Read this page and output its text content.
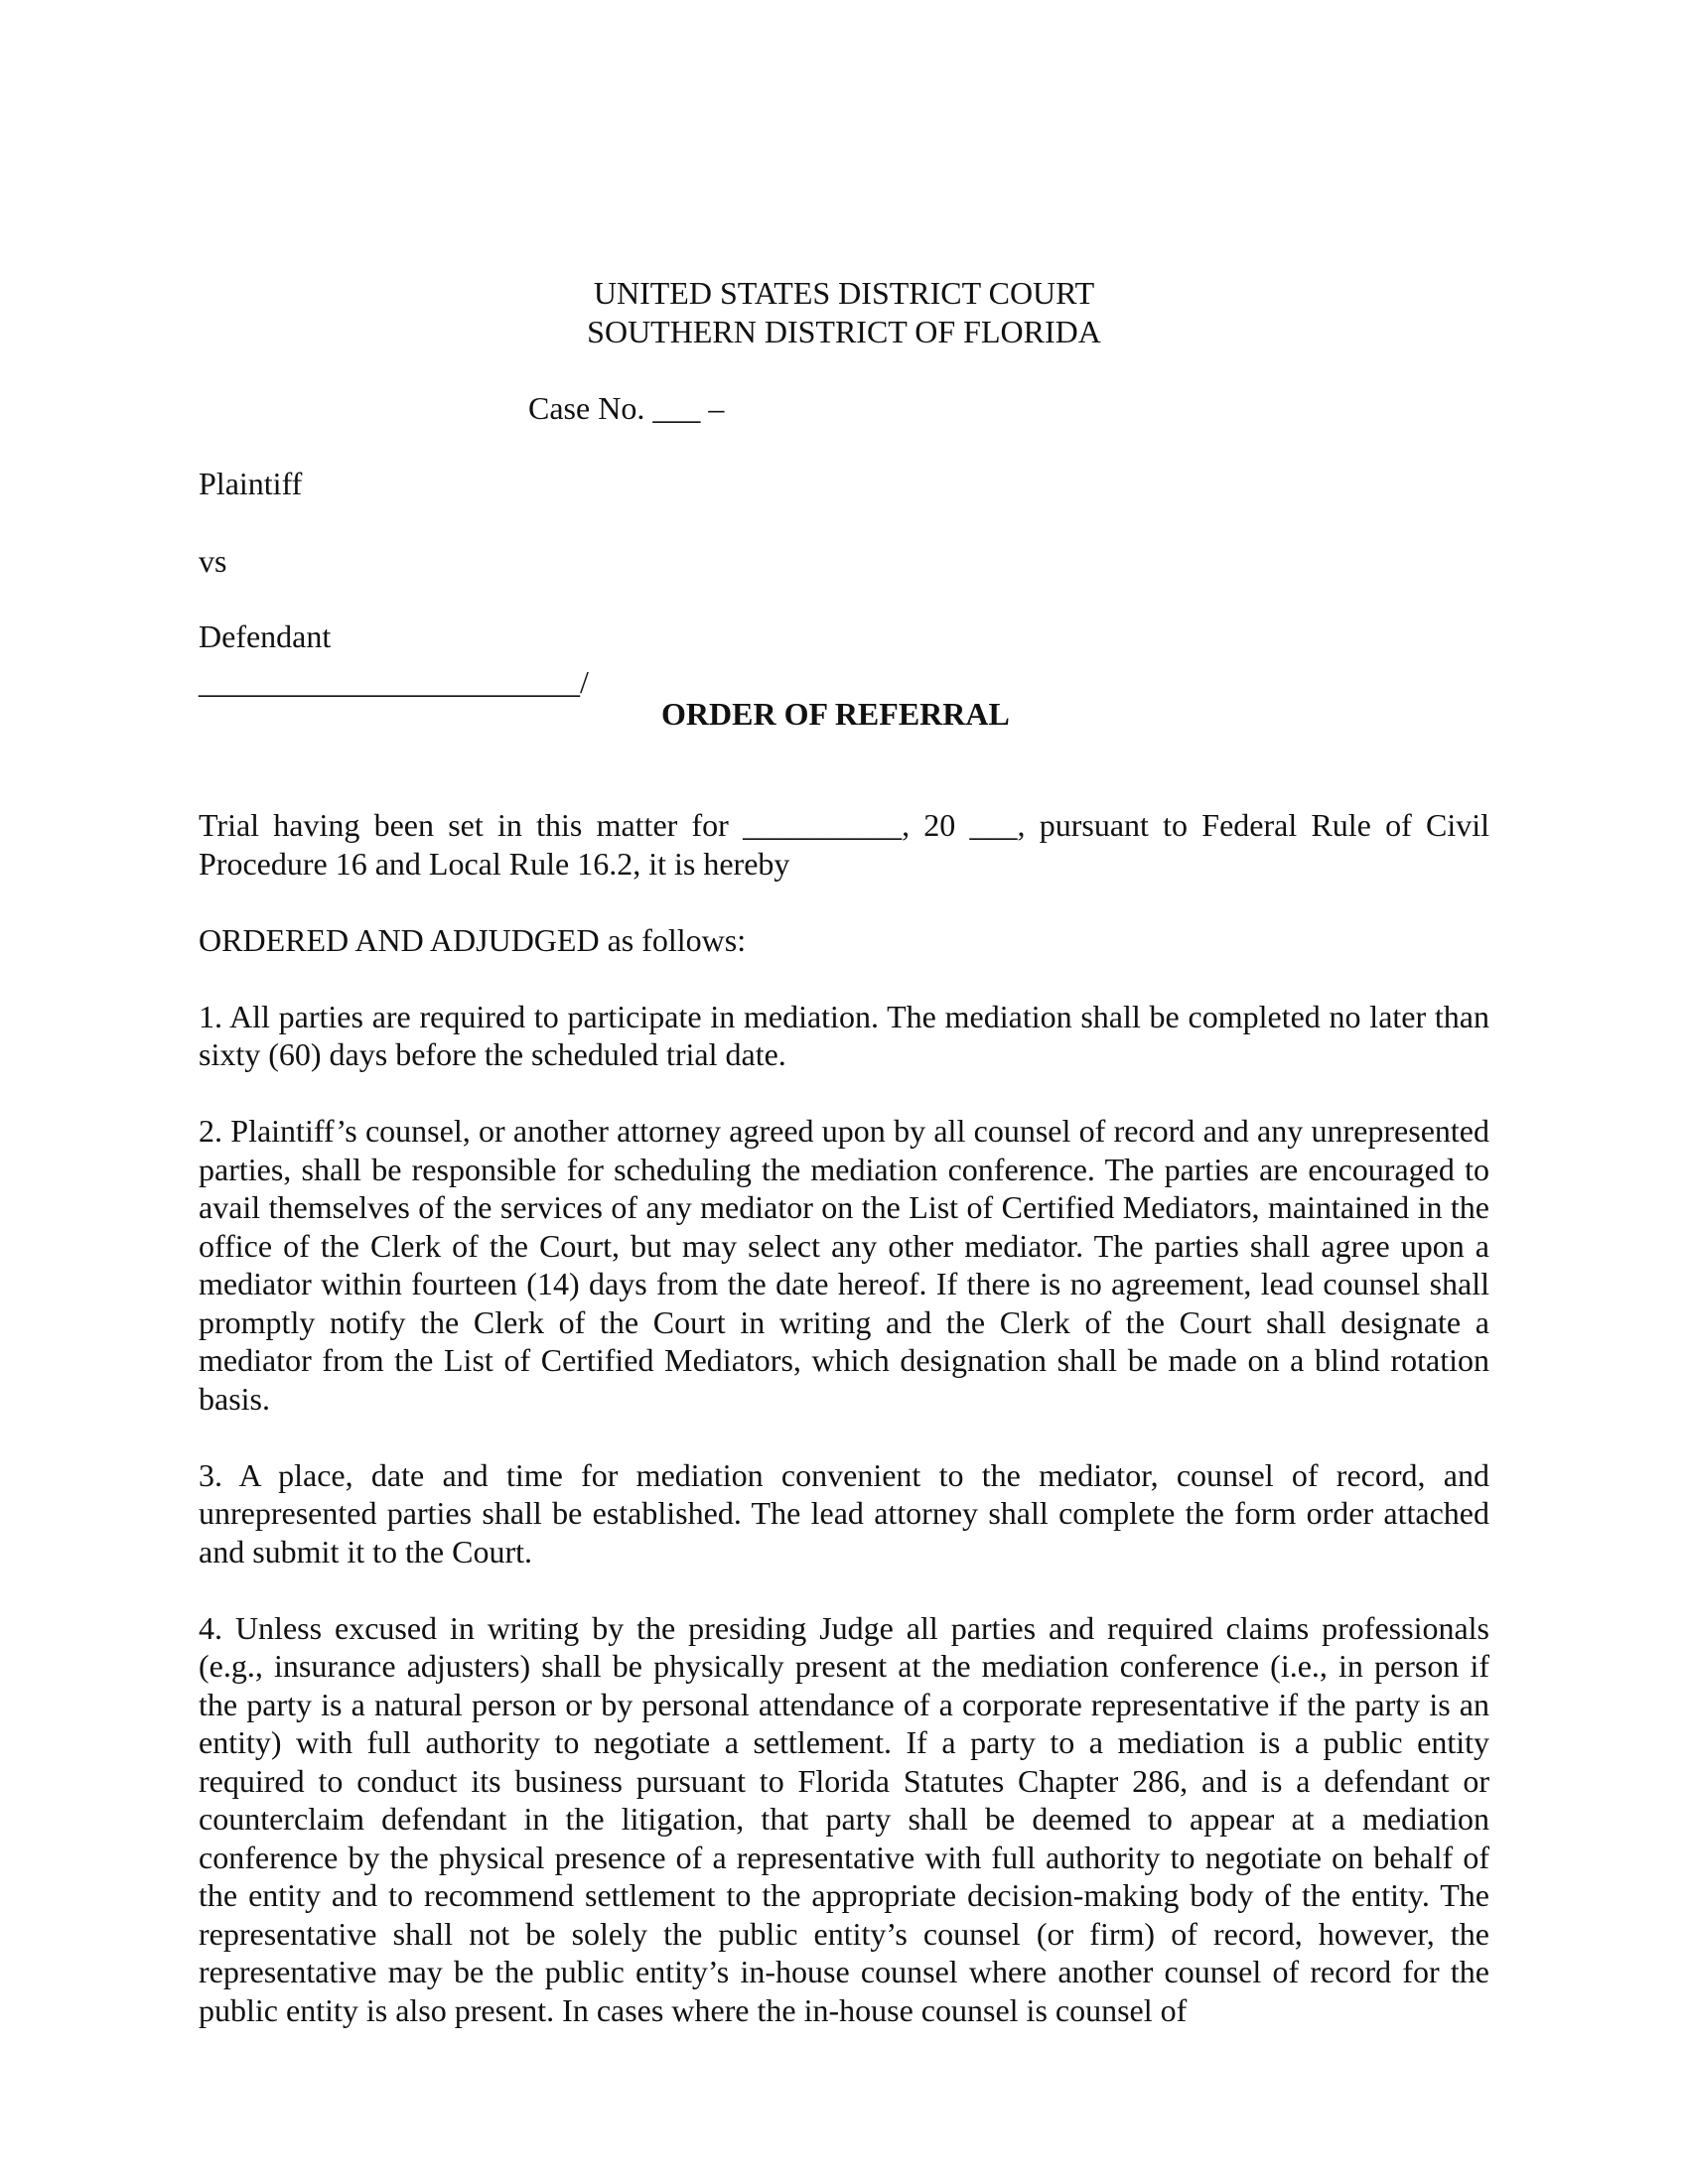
UNITED STATES DISTRICT COURT
SOUTHERN DISTRICT OF FLORIDA
Case No. ___ –
Plaintiff
vs
Defendant
________________________/
ORDER OF REFERRAL

Trial having been set in this matter for __________, 20 ___, pursuant to Federal Rule of Civil Procedure 16 and Local Rule 16.2, it is hereby

ORDERED AND ADJUDGED as follows:

1. All parties are required to participate in mediation. The mediation shall be completed no later than sixty (60) days before the scheduled trial date.

2. Plaintiff’s counsel, or another attorney agreed upon by all counsel of record and any unrepresented parties, shall be responsible for scheduling the mediation conference. The parties are encouraged to avail themselves of the services of any mediator on the List of Certified Mediators, maintained in the office of the Clerk of the Court, but may select any other mediator. The parties shall agree upon a mediator within fourteen (14) days from the date hereof. If there is no agreement, lead counsel shall promptly notify the Clerk of the Court in writing and the Clerk of the Court shall designate a mediator from the List of Certified Mediators, which designation shall be made on a blind rotation basis.

3. A place, date and time for mediation convenient to the mediator, counsel of record, and unrepresented parties shall be established. The lead attorney shall complete the form order attached and submit it to the Court.

4. Unless excused in writing by the presiding Judge all parties and required claims professionals (e.g., insurance adjusters) shall be physically present at the mediation conference (i.e., in person if the party is a natural person or by personal attendance of a corporate representative if the party is an entity) with full authority to negotiate a settlement. If a party to a mediation is a public entity required to conduct its business pursuant to Florida Statutes Chapter 286, and is a defendant or counterclaim defendant in the litigation, that party shall be deemed to appear at a mediation conference by the physical presence of a representative with full authority to negotiate on behalf of the entity and to recommend settlement to the appropriate decision-making body of the entity. The representative shall not be solely the public entity’s counsel (or firm) of record, however, the representative may be the public entity’s in-house counsel where another counsel of record for the public entity is also present. In cases where the in-house counsel is counsel of
